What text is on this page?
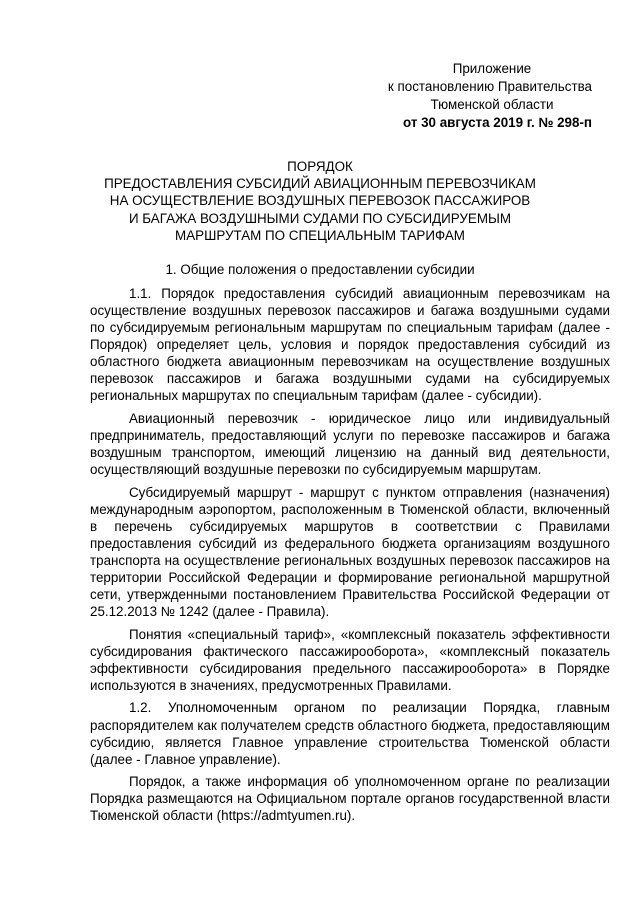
Приложение
к постановлению Правительства
Тюменской области
от 30 августа 2019 г. № 298-п
ПОРЯДОК
ПРЕДОСТАВЛЕНИЯ СУБСИДИЙ АВИАЦИОННЫМ ПЕРЕВОЗЧИКАМ
НА ОСУЩЕСТВЛЕНИЕ ВОЗДУШНЫХ ПЕРЕВОЗОК ПАССАЖИРОВ
И БАГАЖА ВОЗДУШНЫМИ СУДАМИ ПО СУБСИДИРУЕМЫМ
МАРШРУТАМ ПО СПЕЦИАЛЬНЫМ ТАРИФАМ
1. Общие положения о предоставлении субсидии

1.1. Порядок предоставления субсидий авиационным перевозчикам на осуществление воздушных перевозок пассажиров и багажа воздушными судами по субсидируемым региональным маршрутам по специальным тарифам (далее - Порядок) определяет цель, условия и порядок предоставления субсидий из областного бюджета авиационным перевозчикам на осуществление воздушных перевозок пассажиров и багажа воздушными судами на субсидируемых региональных маршрутах по специальным тарифам (далее - субсидии).

Авиационный перевозчик - юридическое лицо или индивидуальный предприниматель, предоставляющий услуги по перевозке пассажиров и багажа воздушным транспортом, имеющий лицензию на данный вид деятельности, осуществляющий воздушные перевозки по субсидируемым маршрутам.

Субсидируемый маршрут - маршрут с пунктом отправления (назначения) международным аэропортом, расположенным в Тюменской области, включенный в перечень субсидируемых маршрутов в соответствии с Правилами предоставления субсидий из федерального бюджета организациям воздушного транспорта на осуществление региональных воздушных перевозок пассажиров на территории Российской Федерации и формирование региональной маршрутной сети, утвержденными постановлением Правительства Российской Федерации от 25.12.2013 № 1242 (далее - Правила).

Понятия «специальный тариф», «комплексный показатель эффективности субсидирования фактического пассажирооборота», «комплексный показатель эффективности субсидирования предельного пассажирооборота» в Порядке используются в значениях, предусмотренных Правилами.

1.2. Уполномоченным органом по реализации Порядка, главным распорядителем как получателем средств областного бюджета, предоставляющим субсидию, является Главное управление строительства Тюменской области (далее - Главное управление).

Порядок, а также информация об уполномоченном органе по реализации Порядка размещаются на Официальном портале органов государственной власти Тюменской области (https://admtyumen.ru).
